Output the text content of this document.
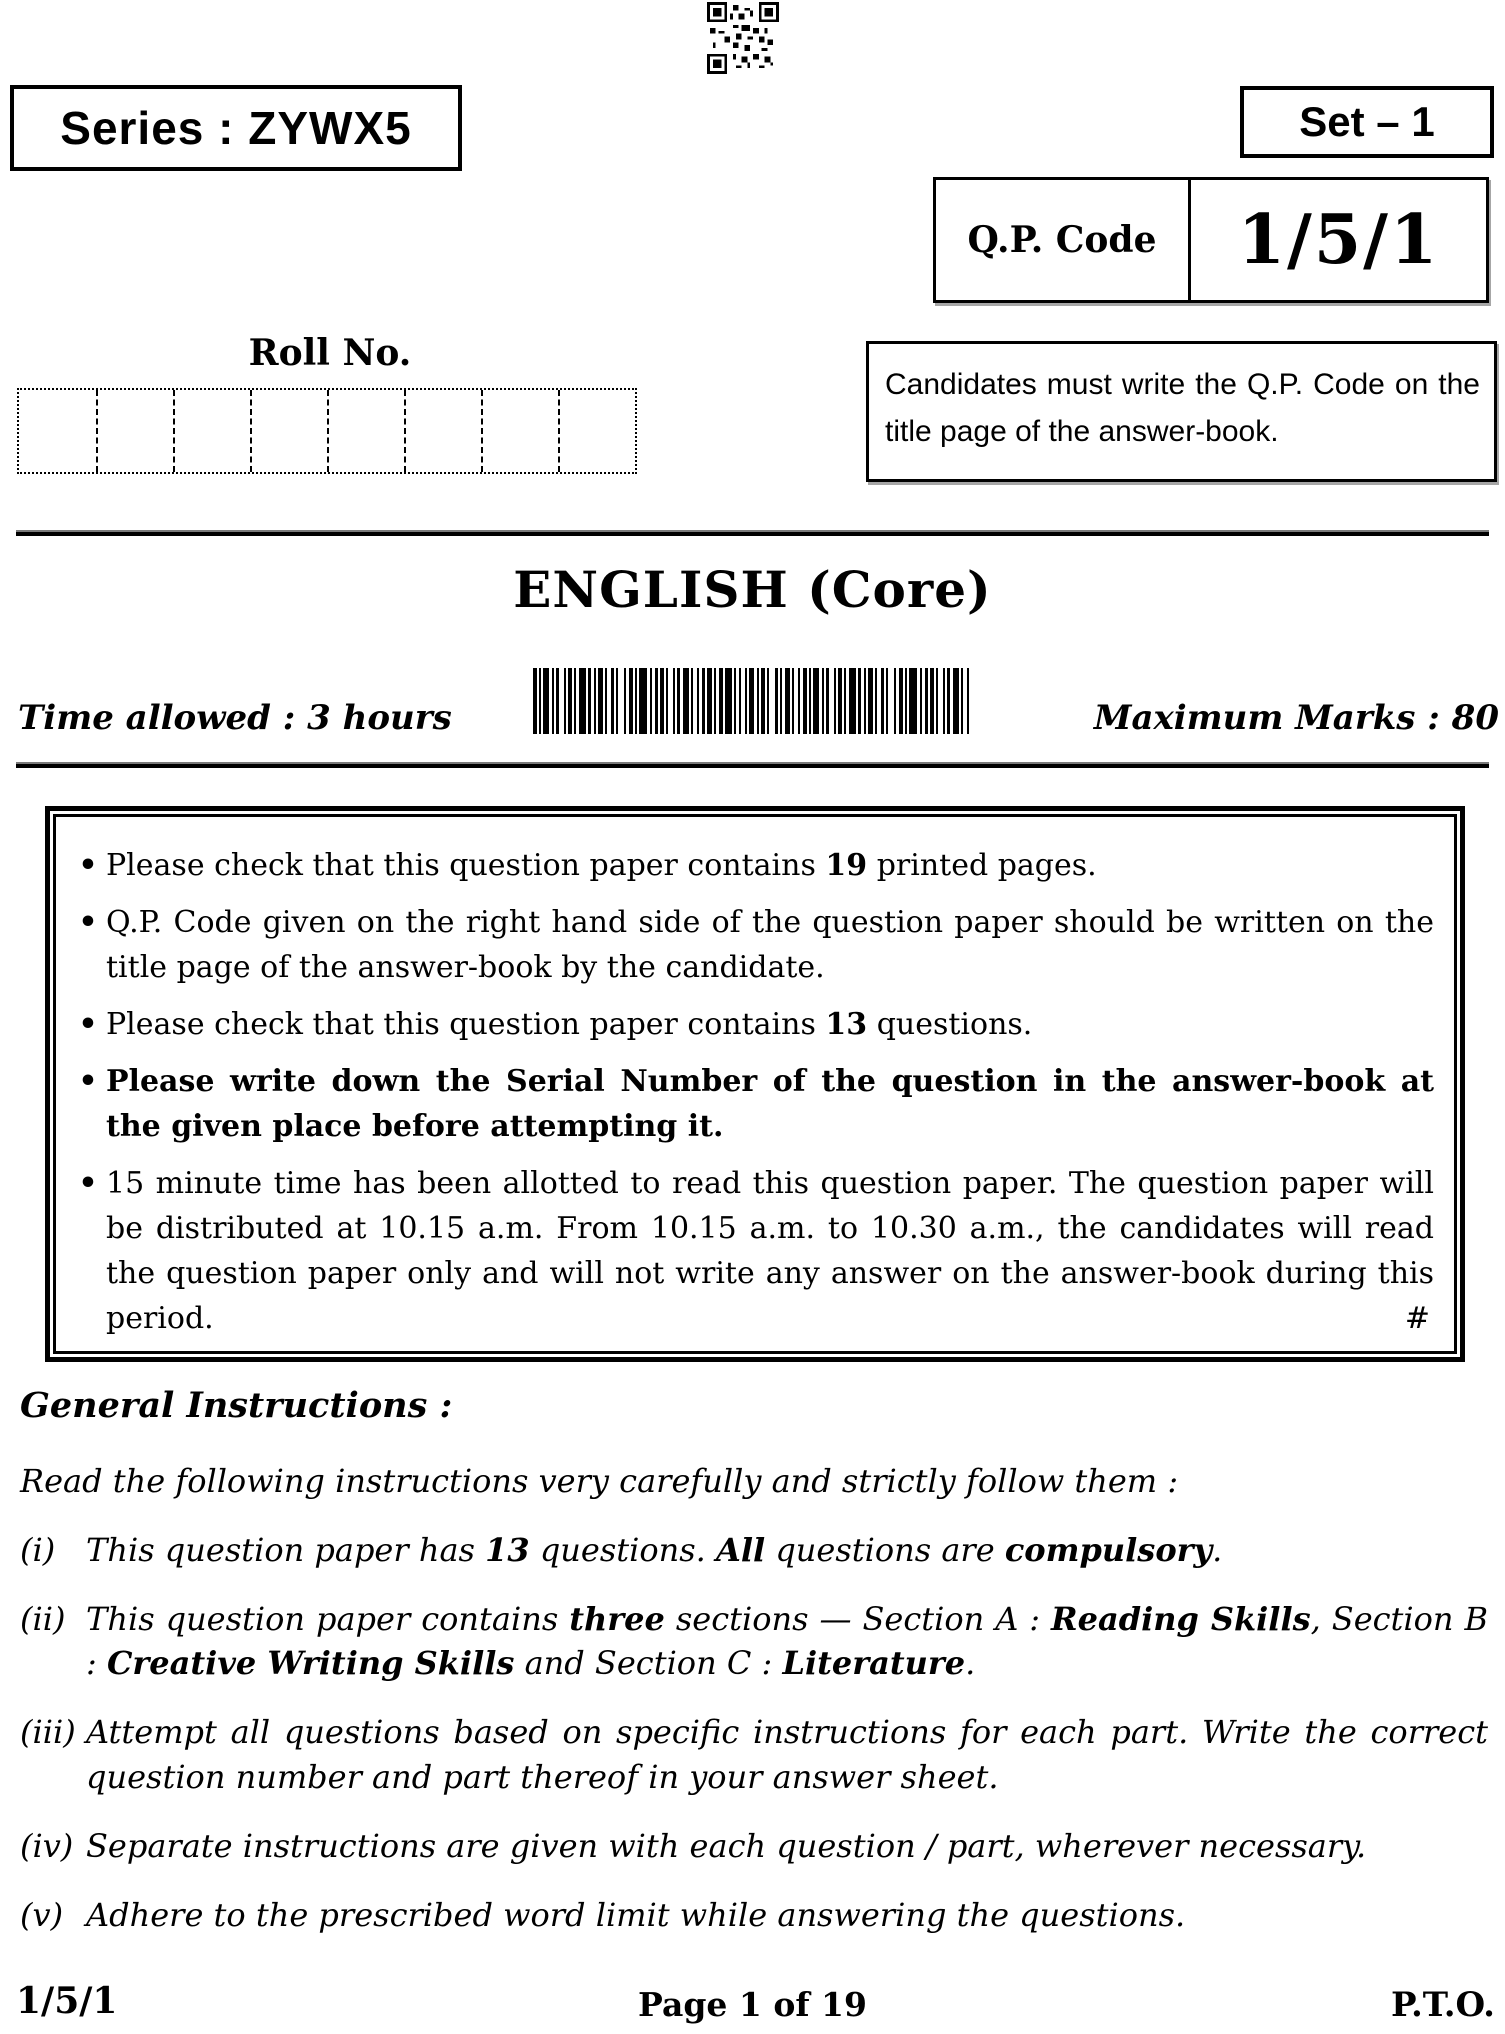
Series : ZYWX5	Set – 1
Q.P. Code	1/5/1
Roll No.
Candidates must write the Q.P. Code on the title page of the answer-book.
ENGLISH (Core)
Time allowed : 3 hours	Maximum Marks : 80
• Please check that this question paper contains 19 printed pages.
• Q.P. Code given on the right hand side of the question paper should be written on the title page of the answer-book by the candidate.
• Please check that this question paper contains 13 questions.
• Please write down the Serial Number of the question in the answer-book at the given place before attempting it.
• 15 minute time has been allotted to read this question paper. The question paper will be distributed at 10.15 a.m. From 10.15 a.m. to 10.30 a.m., the candidates will read the question paper only and will not write any answer on the answer-book during this period.	#
General Instructions :
Read the following instructions very carefully and strictly follow them :
(i) This question paper has 13 questions. All questions are compulsory.
(ii) This question paper contains three sections — Section A : Reading Skills, Section B : Creative Writing Skills and Section C : Literature.
(iii) Attempt all questions based on specific instructions for each part. Write the correct question number and part thereof in your answer sheet.
(iv) Separate instructions are given with each question / part, wherever necessary.
(v) Adhere to the prescribed word limit while answering the questions.
1/5/1	Page 1 of 19	P.T.O.
